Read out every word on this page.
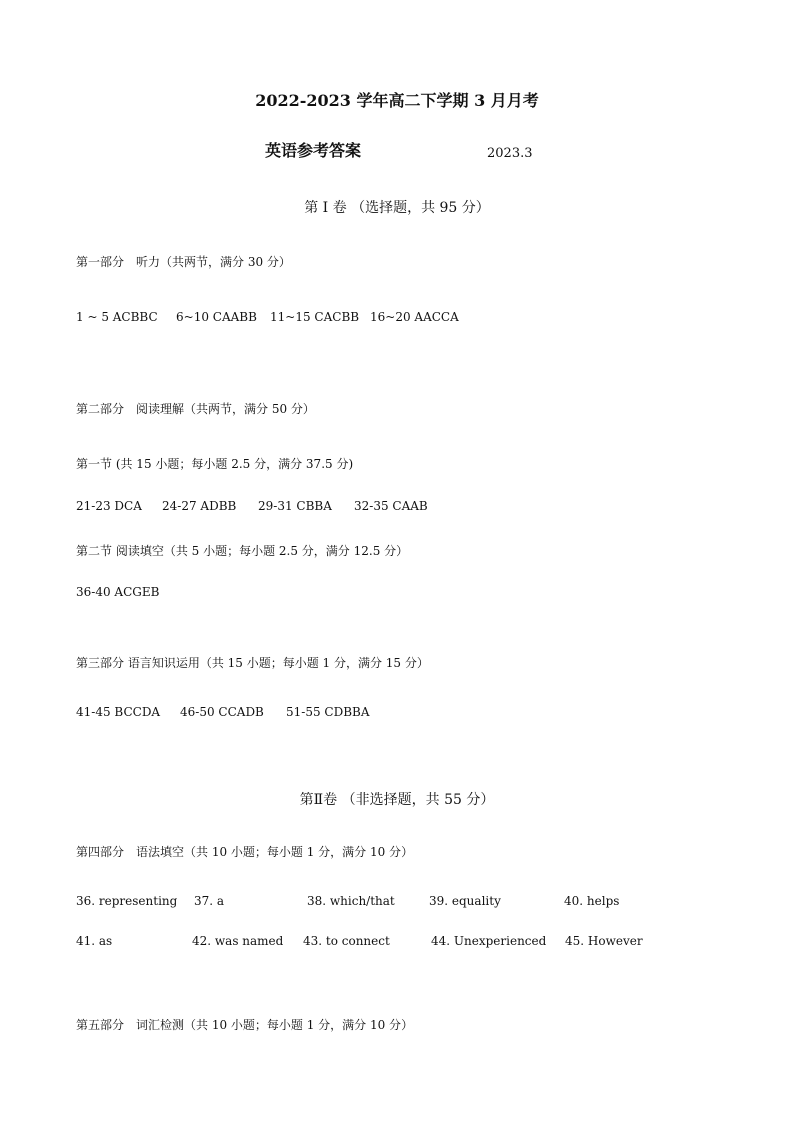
2022-2023 学年高二下学期 3 月月考
英语参考答案	2023.3
第 I 卷 （选择题，共 95 分）
第一部分　听力（共两节，满分 30 分）
1 ~ 5 ACBBC 6~10 CAABB 11~15 CACBB 16~20 AACCA
第二部分　阅读理解（共两节，满分 50 分）
第一节 (共 15 小题；每小题 2.5 分，满分 37.5 分)
21-23 DCA 24-27 ADBB 29-31 CBBA 32-35 CAAB
第二节 阅读填空（共 5 小题；每小题 2.5 分，满分 12.5 分）
36-40 ACGEB
第三部分 语言知识运用（共 15 小题；每小题 1 分，满分 15 分）
41-45 BCCDA 46-50 CCADB 51-55 CDBBA
第Ⅱ卷 （非选择题，共 55 分）
第四部分　语法填空（共 10 小题；每小题 1 分，满分 10 分）
36. representing 37. a	38. which/that	39. equality	40. helps
41. as	42. was named 43. to connect	44. Unexperienced 45. However
第五部分　词汇检测（共 10 小题；每小题 1 分，满分 10 分）
